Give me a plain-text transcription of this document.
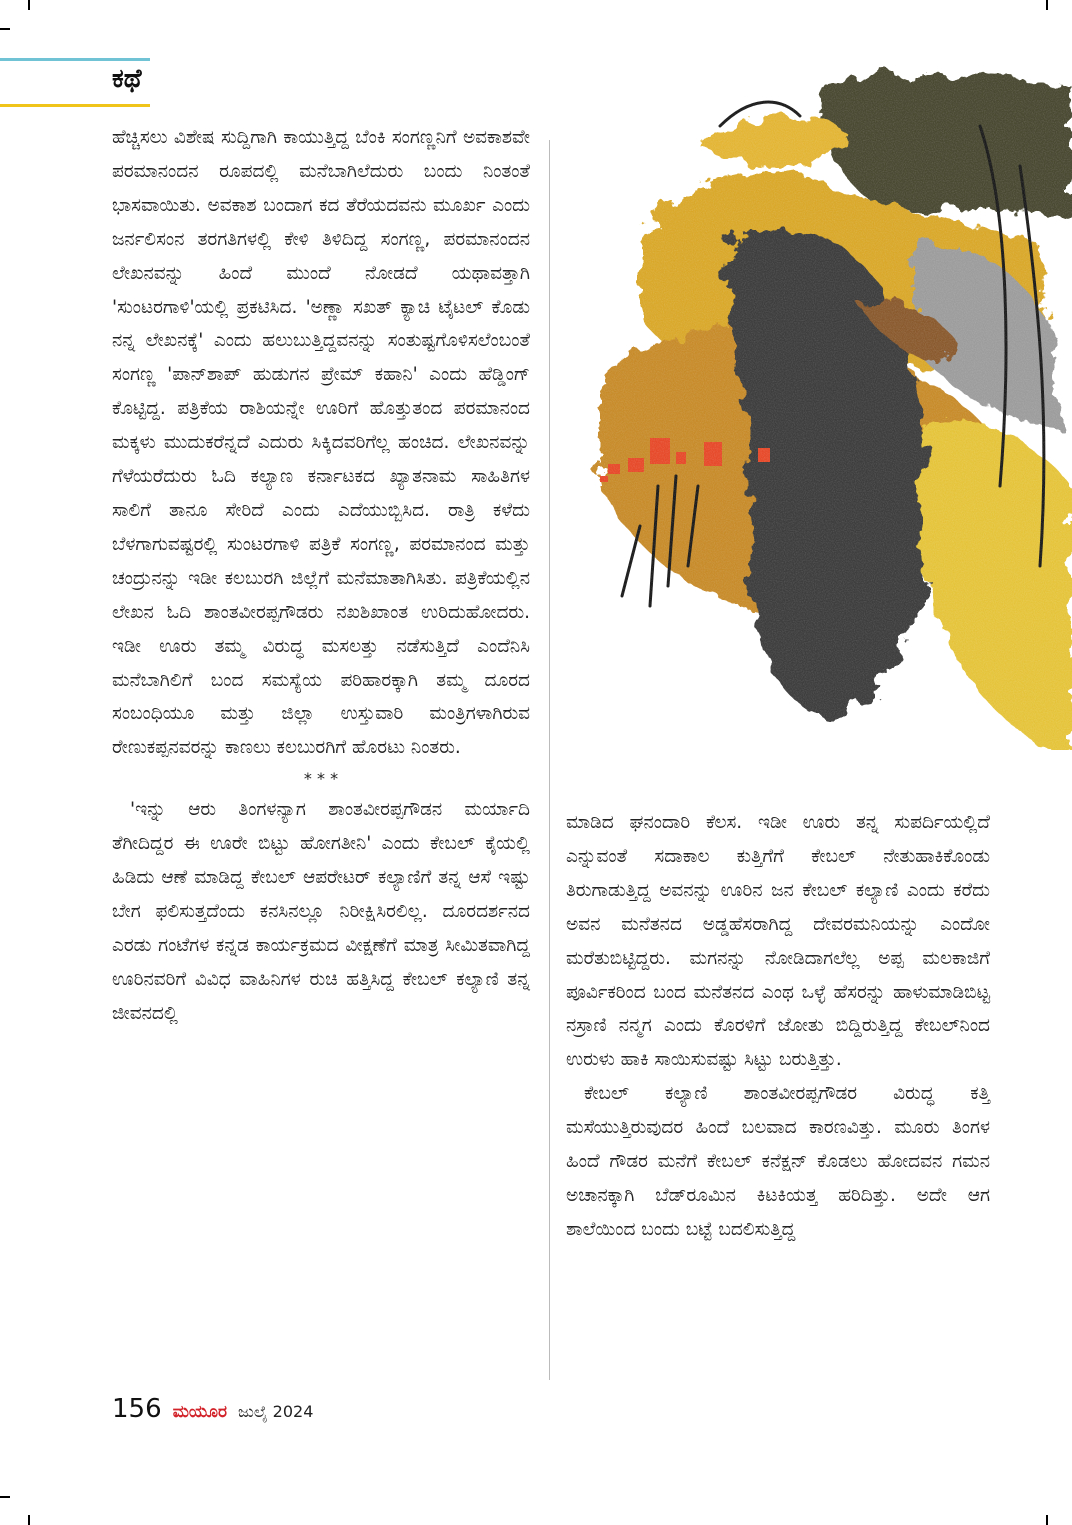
ಕಥೆ

ಹೆಚ್ಚಿಸಲು ವಿಶೇಷ ಸುದ್ದಿಗಾಗಿ ಕಾಯುತ್ತಿದ್ದ ಬೆಂಕಿ ಸಂಗಣ್ಣನಿಗೆ ಅವಕಾಶವೇ ಪರಮಾನಂದನ ರೂಪದಲ್ಲಿ ಮನೆಬಾಗಿಲೆದುರು ಬಂದು ನಿಂತಂತೆ ಭಾಸವಾಯಿತು. ಅವಕಾಶ ಬಂದಾಗ ಕದ ತೆರೆಯದವನು ಮೂರ್ಖ ಎಂದು ಜರ್ನಲಿಸಂನ ತರಗತಿಗಳಲ್ಲಿ ಕೇಳಿ ತಿಳಿದಿದ್ದ ಸಂಗಣ್ಣ, ಪರಮಾನಂದನ ಲೇಖನವನ್ನು ಹಿಂದೆ ಮುಂದೆ ನೋಡದೆ ಯಥಾವತ್ತಾಗಿ 'ಸುಂಟರಗಾಳಿ'ಯಲ್ಲಿ ಪ್ರಕಟಿಸಿದ. 'ಅಣ್ಣಾ ಸಖತ್ ಕ್ಯಾಚಿ ಟೈಟಲ್ ಕೊಡು ನನ್ನ ಲೇಖನಕ್ಕೆ' ಎಂದು ಹಲುಬುತ್ತಿದ್ದವನನ್ನು ಸಂತುಷ್ಟಗೊಳಿಸಲೆಂಬಂತೆ ಸಂಗಣ್ಣ 'ಪಾನ್‌ಶಾಪ್ ಹುಡುಗನ ಪ್ರೇಮ್ ಕಹಾನಿ' ಎಂದು ಹೆಡ್ಡಿಂಗ್ ಕೊಟ್ಟಿದ್ದ. ಪತ್ರಿಕೆಯ ರಾಶಿಯನ್ನೇ ಊರಿಗೆ ಹೊತ್ತುತಂದ ಪರಮಾನಂದ ಮಕ್ಕಳು ಮುದುಕರೆನ್ನದೆ ಎದುರು ಸಿಕ್ಕಿದವರಿಗೆಲ್ಲ ಹಂಚಿದ. ಲೇಖನವನ್ನು ಗೆಳೆಯರೆದುರು ಓದಿ ಕಲ್ಯಾಣ ಕರ್ನಾಟಕದ ಖ್ಯಾತನಾಮ ಸಾಹಿತಿಗಳ ಸಾಲಿಗೆ ತಾನೂ ಸೇರಿದೆ ಎಂದು ಎದೆಯುಬ್ಬಿಸಿದ. ರಾತ್ರಿ ಕಳೆದು ಬೆಳಗಾಗುವಷ್ಟರಲ್ಲಿ ಸುಂಟರಗಾಳಿ ಪತ್ರಿಕೆ ಸಂಗಣ್ಣ, ಪರಮಾನಂದ ಮತ್ತು ಚಂದ್ರುನನ್ನು ಇಡೀ ಕಲಬುರಗಿ ಜಿಲ್ಲೆಗೆ ಮನೆಮಾತಾಗಿಸಿತು. ಪತ್ರಿಕೆಯಲ್ಲಿನ ಲೇಖನ ಓದಿ ಶಾಂತವೀರಪ್ಪಗೌಡರು ನಖಶಿಖಾಂತ ಉರಿದುಹೋದರು. ಇಡೀ ಊರು ತಮ್ಮ ವಿರುದ್ಧ ಮಸಲತ್ತು ನಡೆಸುತ್ತಿದೆ ಎಂದೆನಿಸಿ ಮನೆಬಾಗಿಲಿಗೆ ಬಂದ ಸಮಸ್ಯೆಯ ಪರಿಹಾರಕ್ಕಾಗಿ ತಮ್ಮ ದೂರದ ಸಂಬಂಧಿಯೂ ಮತ್ತು ಜಿಲ್ಲಾ ಉಸ್ತುವಾರಿ ಮಂತ್ರಿಗಳಾಗಿರುವ ರೇಣುಕಪ್ಪನವರನ್ನು ಕಾಣಲು ಕಲಬುರಗಿಗೆ ಹೊರಟು ನಿಂತರು.

* * *

'ಇನ್ನು ಆರು ತಿಂಗಳನ್ಯಾಗ ಶಾಂತವೀರಪ್ಪಗೌಡನ ಮರ್ಯಾದಿ ತೆಗೀದಿದ್ದರ ಈ ಊರೇ ಬಿಟ್ಟು ಹೋಗತೀನಿ' ಎಂದು ಕೇಬಲ್ ಕೈಯಲ್ಲಿ ಹಿಡಿದು ಆಣೆ ಮಾಡಿದ್ದ ಕೇಬಲ್ ಆಪರೇಟರ್ ಕಲ್ಯಾಣಿಗೆ ತನ್ನ ಆಸೆ ಇಷ್ಟು ಬೇಗ ಫಲಿಸುತ್ತದೆಂದು ಕನಸಿನಲ್ಲೂ ನಿರೀಕ್ಷಿಸಿರಲಿಲ್ಲ. ದೂರದರ್ಶನದ ಎರಡು ಗಂಟೆಗಳ ಕನ್ನಡ ಕಾರ್ಯಕ್ರಮದ ವೀಕ್ಷಣೆಗೆ ಮಾತ್ರ ಸೀಮಿತವಾಗಿದ್ದ ಊರಿನವರಿಗೆ ವಿವಿಧ ವಾಹಿನಿಗಳ ರುಚಿ ಹತ್ತಿಸಿದ್ದ ಕೇಬಲ್ ಕಲ್ಯಾಣಿ ತನ್ನ ಜೀವನದಲ್ಲಿ

ಮಾಡಿದ ಘನಂದಾರಿ ಕೆಲಸ. ಇಡೀ ಊರು ತನ್ನ ಸುಪರ್ದಿಯಲ್ಲಿದೆ ಎನ್ನುವಂತೆ ಸದಾಕಾಲ ಕುತ್ತಿಗೆಗೆ ಕೇಬಲ್ ನೇತುಹಾಕಿಕೊಂಡು ತಿರುಗಾಡುತ್ತಿದ್ದ ಅವನನ್ನು ಊರಿನ ಜನ ಕೇಬಲ್ ಕಲ್ಯಾಣಿ ಎಂದು ಕರೆದು ಅವನ ಮನೆತನದ ಅಡ್ಡಹೆಸರಾಗಿದ್ದ ದೇವರಮನಿಯನ್ನು ಎಂದೋ ಮರೆತುಬಿಟ್ಟಿದ್ದರು. ಮಗನನ್ನು ನೋಡಿದಾಗಲೆಲ್ಲ ಅಪ್ಪ ಮಲಕಾಜಿಗೆ ಪೂರ್ವಿಕರಿಂದ ಬಂದ ಮನೆತನದ ಎಂಥ ಒಳ್ಳೆ ಹೆಸರನ್ನು ಹಾಳುಮಾಡಿಬಿಟ್ಟ ನಸ್ರಾಣಿ ನನ್ಮಗ ಎಂದು ಕೊರಳಿಗೆ ಜೋತು ಬಿದ್ದಿರುತ್ತಿದ್ದ ಕೇಬಲ್‌ನಿಂದ ಉರುಳು ಹಾಕಿ ಸಾಯಿಸುವಷ್ಟು ಸಿಟ್ಟು ಬರುತ್ತಿತ್ತು.

ಕೇಬಲ್ ಕಲ್ಯಾಣಿ ಶಾಂತವೀರಪ್ಪಗೌಡರ ವಿರುದ್ಧ ಕತ್ತಿ ಮಸೆಯುತ್ತಿರುವುದರ ಹಿಂದೆ ಬಲವಾದ ಕಾರಣವಿತ್ತು. ಮೂರು ತಿಂಗಳ ಹಿಂದೆ ಗೌಡರ ಮನೆಗೆ ಕೇಬಲ್ ಕನೆಕ್ಷನ್ ಕೊಡಲು ಹೋದವನ ಗಮನ ಅಚಾನಕ್ಕಾಗಿ ಬೆಡ್‌ರೂಮಿನ ಕಿಟಕಿಯತ್ತ ಹರಿದಿತ್ತು. ಅದೇ ಆಗ ಶಾಲೆಯಿಂದ ಬಂದು ಬಟ್ಟೆ ಬದಲಿಸುತ್ತಿದ್ದ

156 ಮಯೂರ ಜುಲೈ 2024
